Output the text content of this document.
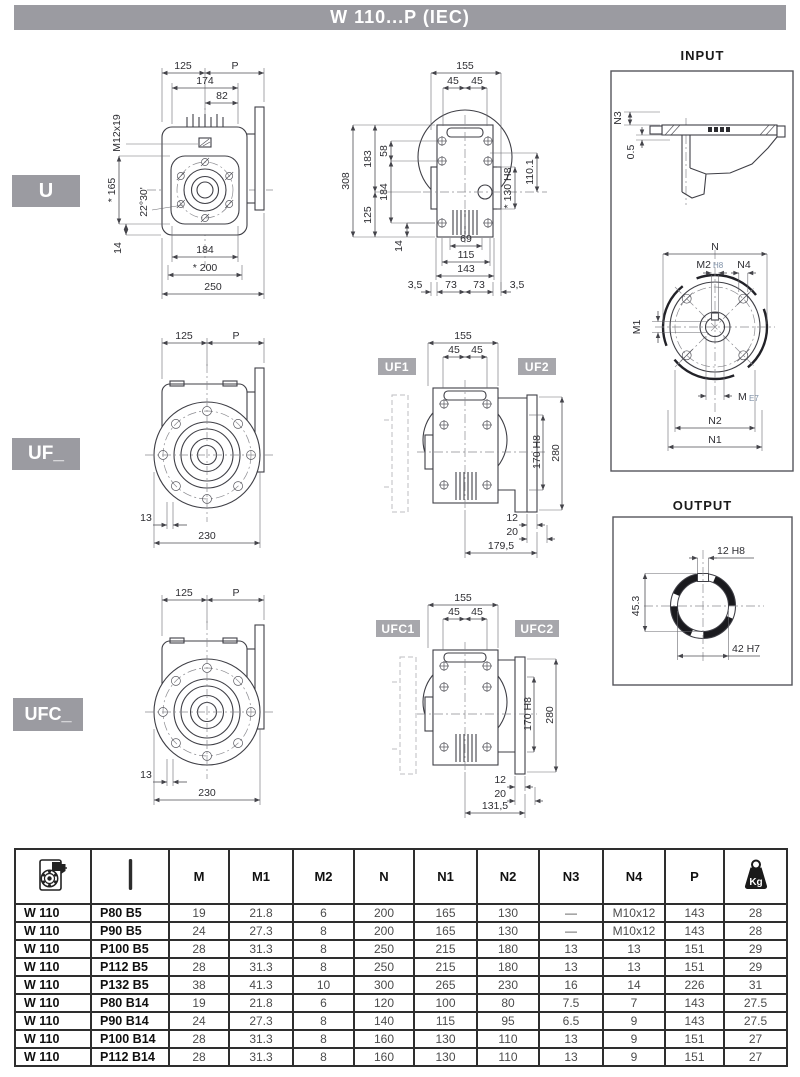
W 110...P (IEC)
U
UF_
UFC_
125	P
174
82
M12x19
* 165 22°30'
14	184
* 200
250
155
45 45
308
183
125
58
184
14
* 130 H8 110.1
69
115
143
3,5 73 73 3,5
125	P
13
230
155
45 45
170 H8 280
12
20
179,5
UF1	UF2
125	P
13
230
155
45 45
170 H8 280
12
20
131,5
UFC1	UFC2
INPUT
N3
0.5
N
M2 H8 N4
M1
M E7
N2
N1
OUTPUT
12 H8
45.3
42 H7
		M	M1	M2	N	N1	N2	N3	N4	P	Kg

W 110	P80 B5	19	21.8	6	200	165	130	—	M10x12	143	28
W 110	P90 B5	24	27.3	8	200	165	130	—	M10x12	143	28
W 110	P100 B5	28	31.3	8	250	215	180	13	13	151	29
W 110	P112 B5	28	31.3	8	250	215	180	13	13	151	29
W 110	P132 B5	38	41.3	10	300	265	230	16	14	226	31
W 110	P80 B14	19	21.8	6	120	100	80	7.5	7	143	27.5
W 110	P90 B14	24	27.3	8	140	115	95	6.5	9	143	27.5
W 110	P100 B14	28	31.3	8	160	130	110	13	9	151	27
W 110	P112 B14	28	31.3	8	160	130	110	13	9	151	27
